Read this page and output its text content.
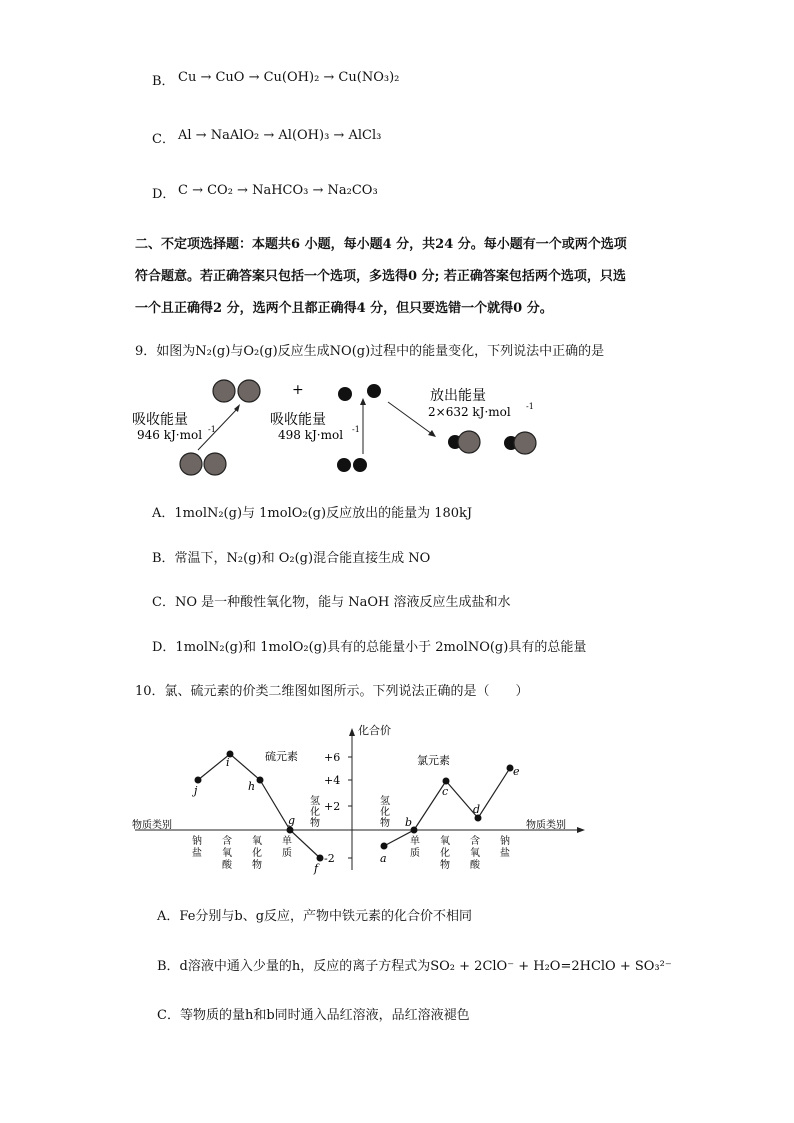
B． Cu → CuO → Cu(OH)₂ → Cu(NO₃)₂
C． Al → NaAlO₂ → Al(OH)₃ → AlCl₃
D． C → CO₂ → NaHCO₃ → Na₂CO₃
二、不定项选择题：本题共6 小题，每小题4 分，共24 分。每小题有一个或两个选项
符合题意。若正确答案只包括一个选项，多选得0 分; 若正确答案包括两个选项，只选
一个且正确得2 分，选两个且都正确得4 分，但只要选错一个就得0 分。
9．如图为N₂(g)与O₂(g)反应生成NO(g)过程中的能量变化，下列说法中正确的是
吸收能量
946 kJ·mol -1
+
吸收能量
498 kJ·mol -1
放出能量
2×632 kJ·mol -1
A．1molN₂(g)与 1molO₂(g)反应放出的能量为 180kJ
B．常温下，N₂(g)和 O₂(g)混合能直接生成 NO
C．NO 是一种酸性氧化物，能与 NaOH 溶液反应生成盐和水
D．1molN₂(g)和 1molO₂(g)具有的总能量小于 2molNO(g)具有的总能量
10．氯、硫元素的价类二维图如图所示。下列说法正确的是（　　）
化合价
+6
+4
+2
-2
物质类别	物质类别
硫元素	氯元素
氢化物
氢化物
钠盐
含氧酸
氧化物
单质
单质
氧化物
含氧酸
钠盐
j
i
h
g
f
a
b
c
d
e
A．Fe分别与b、g反应，产物中铁元素的化合价不相同
B．d溶液中通入少量的h，反应的离子方程式为SO₂ + 2ClO⁻ + H₂O=2HClO + SO₃²⁻
C．等物质的量h和b同时通入品红溶液，品红溶液褪色
